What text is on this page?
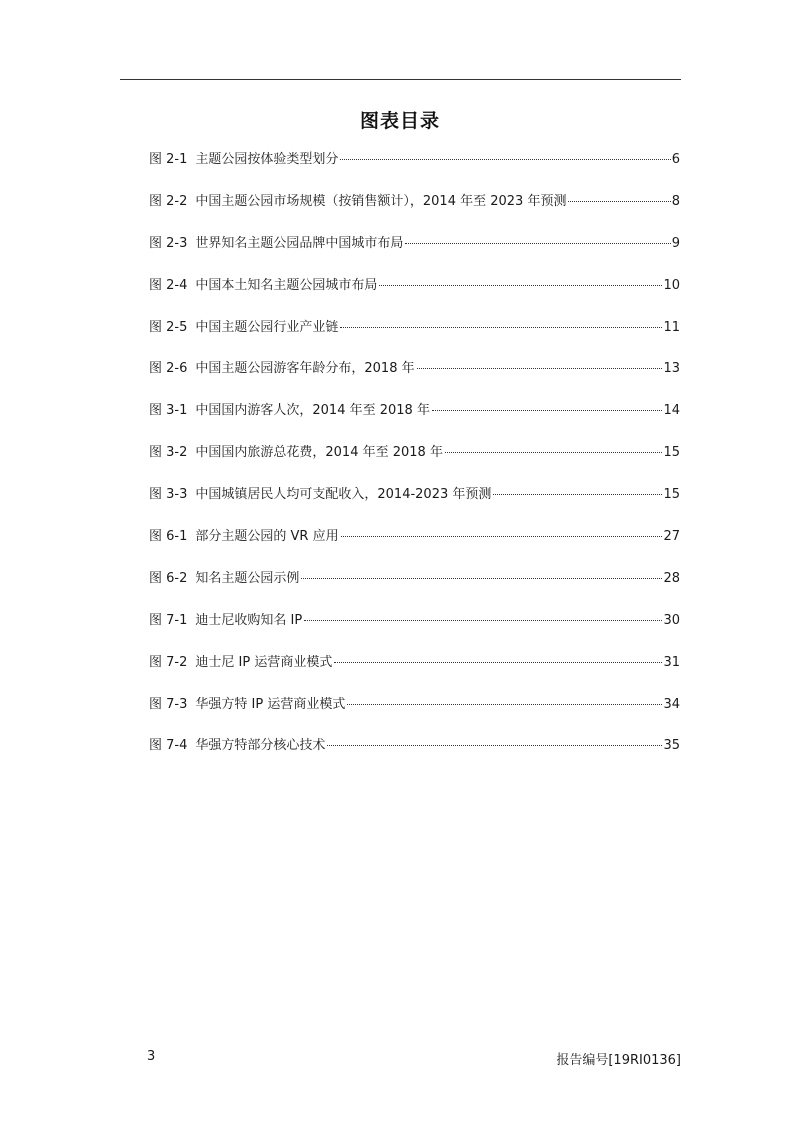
图表目录
图 2-1 主题公园按体验类型划分	6
图 2-2 中国主题公园市场规模（按销售额计），2014 年至 2023 年预测	8
图 2-3 世界知名主题公园品牌中国城市布局	9
图 2-4 中国本土知名主题公园城市布局	10
图 2-5 中国主题公园行业产业链	11
图 2-6 中国主题公园游客年龄分布，2018 年	13
图 3-1 中国国内游客人次，2014 年至 2018 年	14
图 3-2 中国国内旅游总花费，2014 年至 2018 年	15
图 3-3 中国城镇居民人均可支配收入，2014-2023 年预测	15
图 6-1 部分主题公园的 VR 应用	27
图 6-2 知名主题公园示例	28
图 7-1 迪士尼收购知名 IP	30
图 7-2 迪士尼 IP 运营商业模式	31
图 7-3 华强方特 IP 运营商业模式	34
图 7-4 华强方特部分核心技术	35
3	报告编号[19RI0136]
